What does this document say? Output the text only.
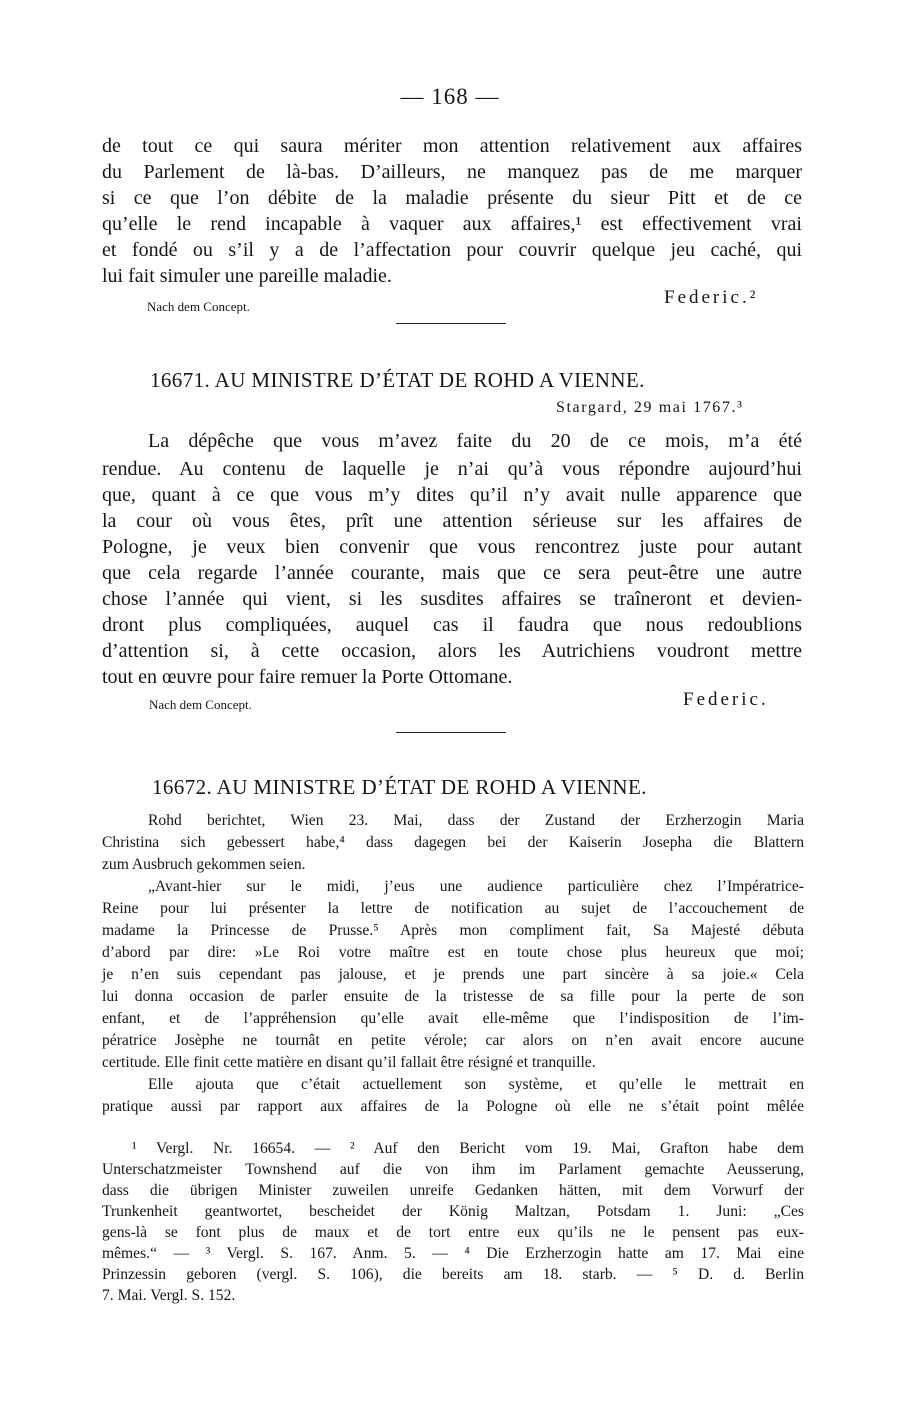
— 168 —
de tout ce qui saura mériter mon attention relativement aux affaires
du Parlement de là-bas. D’ailleurs, ne manquez pas de me marquer
si ce que l’on débite de la maladie présente du sieur Pitt et de ce
qu’elle le rend incapable à vaquer aux affaires,¹ est effectivement vrai
et fondé ou s’il y a de l’affectation pour couvrir quelque jeu caché, qui
lui fait simuler une pareille maladie.
Nach dem Concept.	Federic.²
16671. AU MINISTRE D’ÉTAT DE ROHD A VIENNE.
Stargard, 29 mai 1767.³
La dépêche que vous m’avez faite du 20 de ce mois, m’a été
rendue. Au contenu de laquelle je n’ai qu’à vous répondre aujourd’hui
que, quant à ce que vous m’y dites qu’il n’y avait nulle apparence que
la cour où vous êtes, prît une attention sérieuse sur les affaires de
Pologne, je veux bien convenir que vous rencontrez juste pour autant
que cela regarde l’année courante, mais que ce sera peut-être une autre
chose l’année qui vient, si les susdites affaires se traîneront et devien-
dront plus compliquées, auquel cas il faudra que nous redoublions
d’attention si, à cette occasion, alors les Autrichiens voudront mettre
tout en œuvre pour faire remuer la Porte Ottomane.
Nach dem Concept.	Federic.
16672. AU MINISTRE D’ÉTAT DE ROHD A VIENNE.
Rohd berichtet, Wien 23. Mai, dass der Zustand der Erzherzogin Maria
Christina sich gebessert habe,⁴ dass dagegen bei der Kaiserin Josepha die Blattern
zum Ausbruch gekommen seien.
„Avant-hier sur le midi, j’eus une audience particulière chez l’Impératrice-
Reine pour lui présenter la lettre de notification au sujet de l’accouchement de
madame la Princesse de Prusse.⁵ Après mon compliment fait, Sa Majesté débuta
d’abord par dire: »Le Roi votre maître est en toute chose plus heureux que moi;
je n’en suis cependant pas jalouse, et je prends une part sincère à sa joie.« Cela
lui donna occasion de parler ensuite de la tristesse de sa fille pour la perte de son
enfant, et de l’appréhension qu’elle avait elle-même que l’indisposition de l’im-
pératrice Josèphe ne tournât en petite vérole; car alors on n’en avait encore aucune
certitude. Elle finit cette matière en disant qu’il fallait être résigné et tranquille.
Elle ajouta que c’était actuellement son système, et qu’elle le mettrait en
pratique aussi par rapport aux affaires de la Pologne où elle ne s’était point mêlée
¹ Vergl. Nr. 16654. — ² Auf den Bericht vom 19. Mai, Grafton habe dem
Unterschatzmeister Townshend auf die von ihm im Parlament gemachte Aeusserung,
dass die übrigen Minister zuweilen unreife Gedanken hätten, mit dem Vorwurf der
Trunkenheit geantwortet, bescheidet der König Maltzan, Potsdam 1. Juni: „Ces
gens-là se font plus de maux et de tort entre eux qu’ils ne le pensent pas eux-
mêmes.“ — ³ Vergl. S. 167. Anm. 5. — ⁴ Die Erzherzogin hatte am 17. Mai eine
Prinzessin geboren (vergl. S. 106), die bereits am 18. starb. — ⁵ D. d. Berlin
7. Mai. Vergl. S. 152.
